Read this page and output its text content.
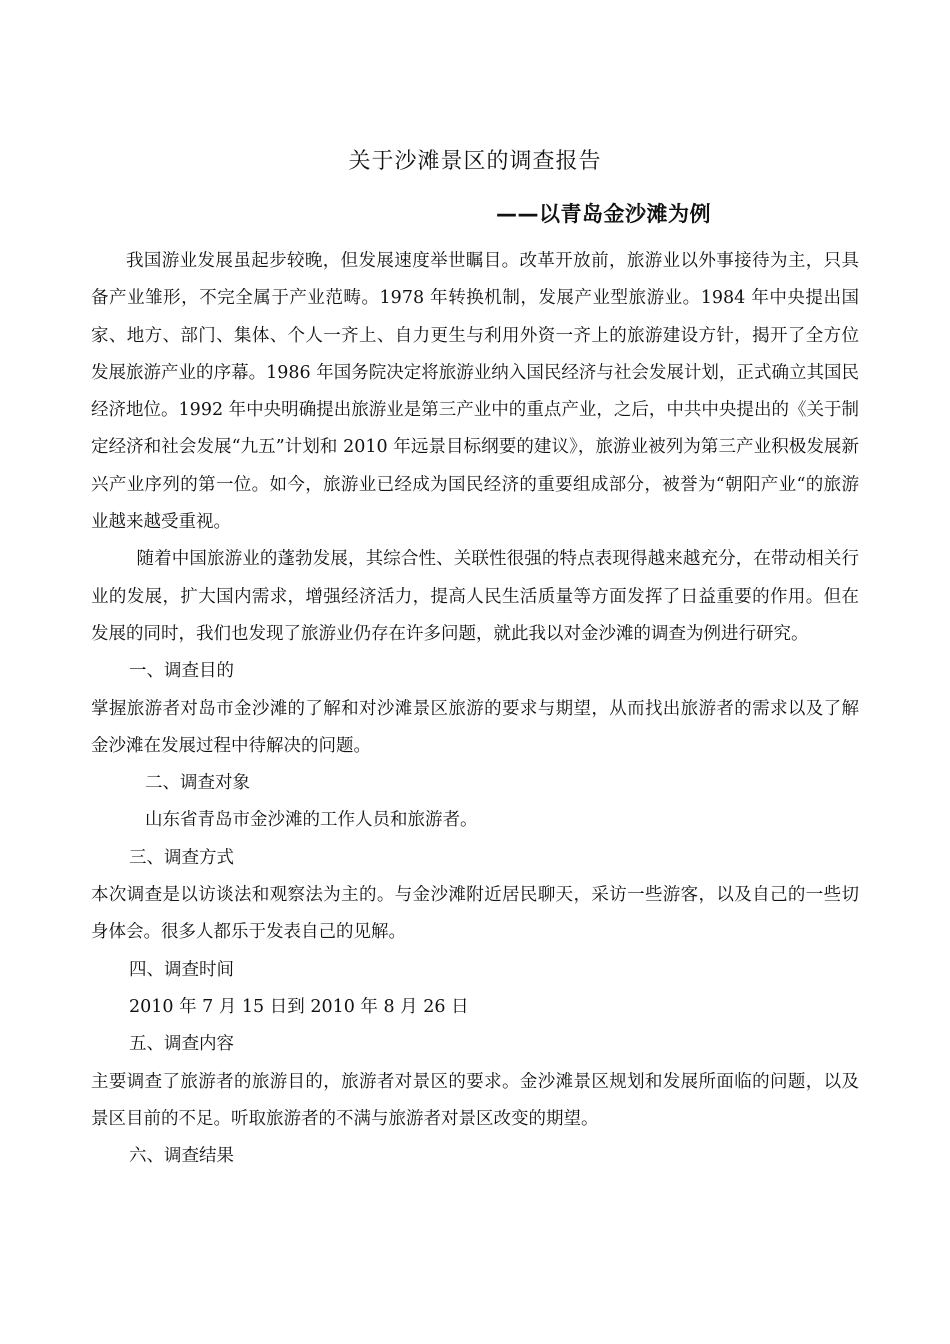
关于沙滩景区的调查报告
——以青岛金沙滩为例

我国游业发展虽起步较晚，但发展速度举世瞩目。改革开放前，旅游业以外事接待为主，只具备产业雏形，不完全属于产业范畴。1978 年转换机制，发展产业型旅游业。1984 年中央提出国家、地方、部门、集体、个人一齐上、自力更生与利用外资一齐上的旅游建设方针，揭开了全方位发展旅游产业的序幕。1986 年国务院决定将旅游业纳入国民经济与社会发展计划，正式确立其国民经济地位。1992 年中央明确提出旅游业是第三产业中的重点产业，之后，中共中央提出的《关于制定经济和社会发展“九五”计划和 2010 年远景目标纲要的建议》，旅游业被列为第三产业积极发展新兴产业序列的第一位。如今，旅游业已经成为国民经济的重要组成部分，被誉为“朝阳产业“的旅游业越来越受重视。

随着中国旅游业的蓬勃发展，其综合性、关联性很强的特点表现得越来越充分，在带动相关行业的发展，扩大国内需求，增强经济活力，提高人民生活质量等方面发挥了日益重要的作用。但在发展的同时，我们也发现了旅游业仍存在许多问题，就此我以对金沙滩的调查为例进行研究。

一、调查目的

掌握旅游者对岛市金沙滩的了解和对沙滩景区旅游的要求与期望，从而找出旅游者的需求以及了解金沙滩在发展过程中待解决的问题。

二、调查对象

山东省青岛市金沙滩的工作人员和旅游者。

三、调查方式

本次调查是以访谈法和观察法为主的。与金沙滩附近居民聊天，采访一些游客，以及自己的一些切身体会。很多人都乐于发表自己的见解。

四、调查时间

2010 年 7 月 15 日到 2010 年 8 月 26 日

五、调查内容

主要调查了旅游者的旅游目的，旅游者对景区的要求。金沙滩景区规划和发展所面临的问题，以及景区目前的不足。听取旅游者的不满与旅游者对景区改变的期望。

六、调查结果
